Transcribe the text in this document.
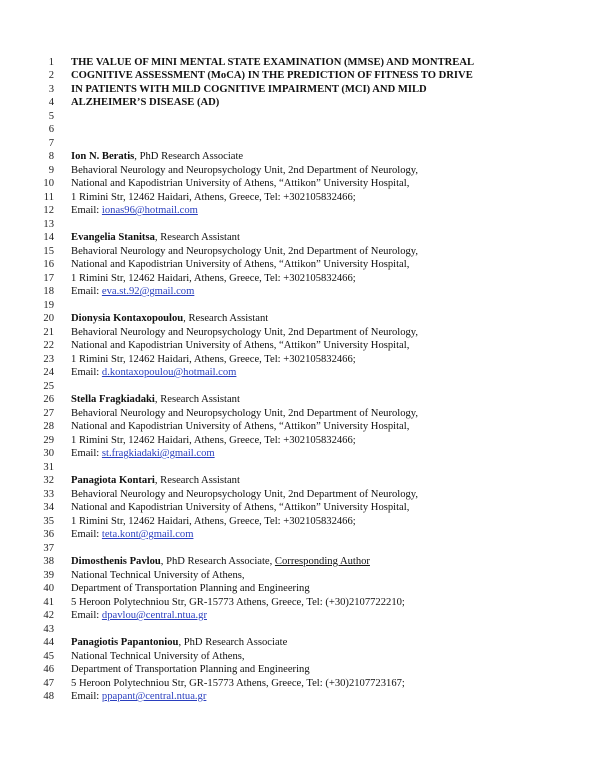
1 THE VALUE OF MINI MENTAL STATE EXAMINATION (MMSE) AND MONTREAL
2 COGNITIVE ASSESSMENT (MoCA) IN THE PREDICTION OF FITNESS TO DRIVE
3 IN PATIENTS WITH MILD COGNITIVE IMPAIRMENT (MCI) AND MILD
4 ALZHEIMER’S DISEASE (AD)
5
6
7
8 Ion N. Beratis, PhD Research Associate
9 Behavioral Neurology and Neuropsychology Unit, 2nd Department of Neurology,
10 National and Kapodistrian University of Athens, “Attikon” University Hospital,
11 1 Rimini Str, 12462 Haidari, Athens, Greece, Tel: +302105832466;
12 Email: ionas96@hotmail.com
13
14 Evangelia Stanitsa, Research Assistant
15 Behavioral Neurology and Neuropsychology Unit, 2nd Department of Neurology,
16 National and Kapodistrian University of Athens, “Attikon” University Hospital,
17 1 Rimini Str, 12462 Haidari, Athens, Greece, Tel: +302105832466;
18 Email: eva.st.92@gmail.com
19
20 Dionysia Kontaxopoulou, Research Assistant
21 Behavioral Neurology and Neuropsychology Unit, 2nd Department of Neurology,
22 National and Kapodistrian University of Athens, “Attikon” University Hospital,
23 1 Rimini Str, 12462 Haidari, Athens, Greece, Tel: +302105832466;
24 Email: d.kontaxopoulou@hotmail.com
25
26 Stella Fragkiadaki, Research Assistant
27 Behavioral Neurology and Neuropsychology Unit, 2nd Department of Neurology,
28 National and Kapodistrian University of Athens, “Attikon” University Hospital,
29 1 Rimini Str, 12462 Haidari, Athens, Greece, Tel: +302105832466;
30 Email: st.fragkiadaki@gmail.com
31
32 Panagiota Kontari, Research Assistant
33 Behavioral Neurology and Neuropsychology Unit, 2nd Department of Neurology,
34 National and Kapodistrian University of Athens, “Attikon” University Hospital,
35 1 Rimini Str, 12462 Haidari, Athens, Greece, Tel: +302105832466;
36 Email: teta.kont@gmail.com
37
38 Dimosthenis Pavlou, PhD Research Associate, Corresponding Author
39 National Technical University of Athens,
40 Department of Transportation Planning and Engineering
41 5 Heroon Polytechniou Str, GR-15773 Athens, Greece, Tel: (+30)2107722210;
42 Email: dpavlou@central.ntua.gr
43
44 Panagiotis Papantoniou, PhD Research Associate
45 National Technical University of Athens,
46 Department of Transportation Planning and Engineering
47 5 Heroon Polytechniou Str, GR-15773 Athens, Greece, Tel: (+30)2107723167;
48 Email: ppapant@central.ntua.gr
